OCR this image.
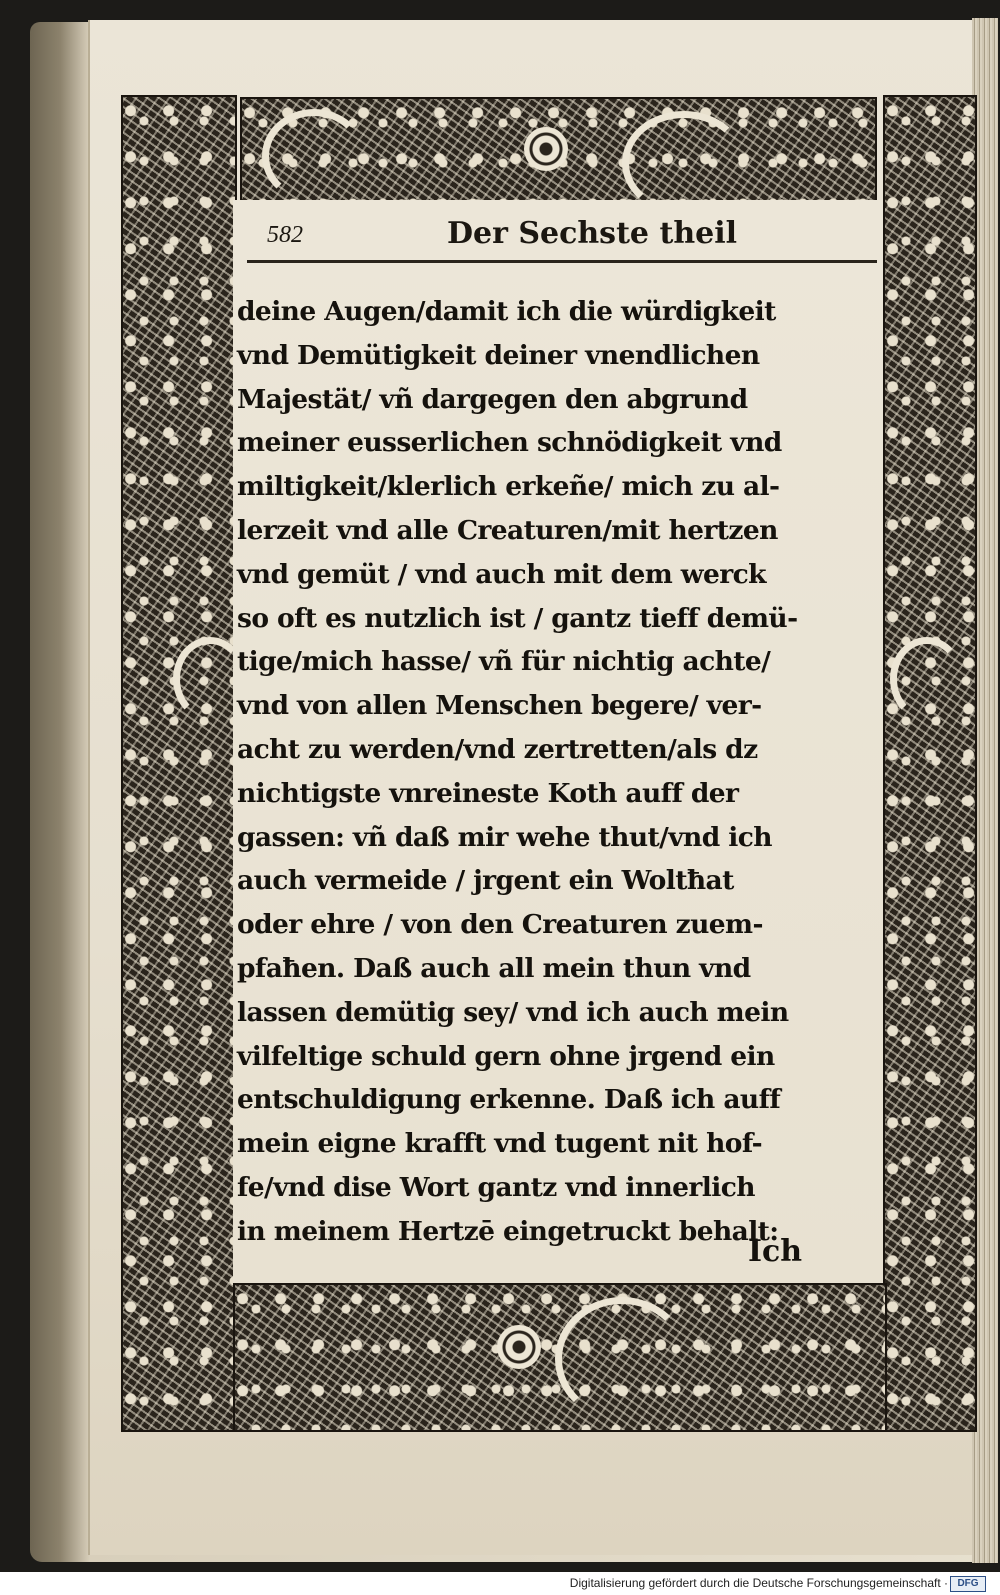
582	Der Sechste theil
deine Augen/damit ich die würdigkeit
vnd Demütigkeit deiner vnendlichen
Majestät/ vñ dargegen den abgrund
meiner eusserlichen schnödigkeit vnd
miltigkeit/klerlich erkeñe/ mich zu al-
lerzeit vnd alle Creaturen/mit hertzen
vnd gemüt / vnd auch mit dem werck
so oft es nutzlich ist / gantz tieff demü-
tige/mich hasse/ vñ für nichtig achte/
vnd von allen Menschen begere/ ver-
acht zu werden/vnd zertretten/als dz
nichtigste vnreineste Koth auff der
gassen: vñ daß mir wehe thut/vnd ich
auch vermeide / jrgent ein Woltħat
oder ehre / von den Creaturen zuem-
pfaħen. Daß auch all mein thun vnd
lassen demütig sey/ vnd ich auch mein
vilfeltige schuld gern ohne jrgend ein
entschuldigung erkenne. Daß ich auff
mein eigne krafft vnd tugent nit hof-
fe/vnd dise Wort gantz vnd innerlich
in meinem Hertzē eingetruckt behalt:
Ich
Digitalisierung gefördert durch die Deutsche Forschungsgemeinschaft · DFG
